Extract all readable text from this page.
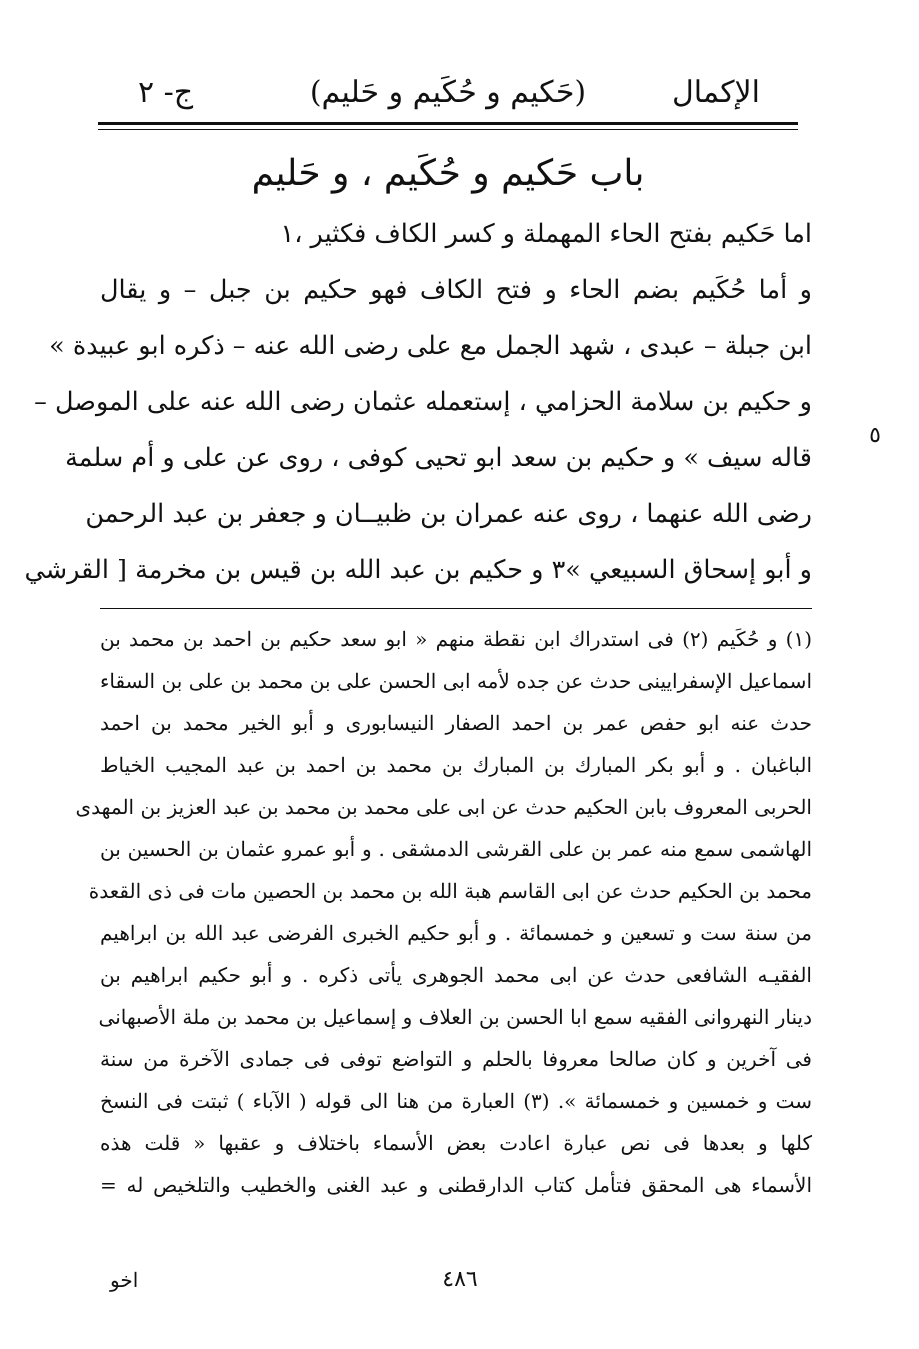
الإكمال
(حَكيم و حُكَيم و حَليم)
ج- ٢
باب حَكيم و حُكَيم ، و حَليم
اما حَكيم بفتح الحاء المهملة و كسر الكاف فكثير ،١
و أما حُكَيم بضم الحاء و فتح الكاف فهو حكيم بن جبل – و يقال
ابن جبلة – عبدی ، شهد الجمل مع علی رضی الله عنه – ذکره ابو عبیدة »
و حكيم بن سلامة الحزامي ، إستعمله عثمان رضى الله عنه على الموصل –
قاله سيف » و حكيم بن سعد ابو تحيى كوفى ، روى عن على و أم سلمة
رضی الله عنهما ، روی عنه عمران بن ظبیــان و جعفر بن عبد الرحمن
و أبو إسحاق السبيعي »٣ و حكيم بن عبد الله بن قيس بن مخرمة [ القرشي
٥
(١) و حُكَيم (٢) فى استدراك ابن نقطة منهم « ابو سعد حكيم بن احمد بن محمد بن
اسماعيل الإسفرايينى حدث عن جده لأمه ابى الحسن على بن محمد بن على بن السقاء
حدث عنه ابو حفص عمر بن احمد الصفار النيسابورى و أبو الخير محمد بن احمد
الباغبان . و أبو بكر المبارك بن المبارك بن محمد بن احمد بن عبد المجيب الخياط
الحربى المعروف بابن الحكيم حدث عن ابى على محمد بن محمد بن عبد العزيز بن المهدى
الهاشمى سمع منه عمر بن على القرشى الدمشقى . و أبو عمرو عثمان بن الحسين بن
محمد بن الحكيم حدث عن ابى القاسم هبة الله بن محمد بن الحصين مات فى ذى القعدة
من سنة ست و تسعين و خمسمائة . و أبو حكيم الخبرى الفرضى عبد الله بن ابراهيم
الفقيـه الشافعى حدث عن ابى محمد الجوهرى يأتى ذكره . و أبو حكيم ابراهيم بن
دينار النهروانى الفقيه سمع ابا الحسن بن العلاف و إسماعيل بن محمد بن ملة الأصبهانى
فى آخرين و كان صالحا معروفا بالحلم و التواضع توفى فى جمادى الآخرة من سنة
ست و خمسين و خمسمائة ». (٣) العبارة من هنا الى قوله ( الآباء ) ثبتت فى النسخ
كلها و بعدها فى نص عبارة اعادت بعض الأسماء باختلاف و عقبها « قلت هذه
الأسماء هى المحقق فتأمل كتاب الدارقطنى و عبد الغنى والخطيب والتلخيص له =
٤٨٦
اخو
